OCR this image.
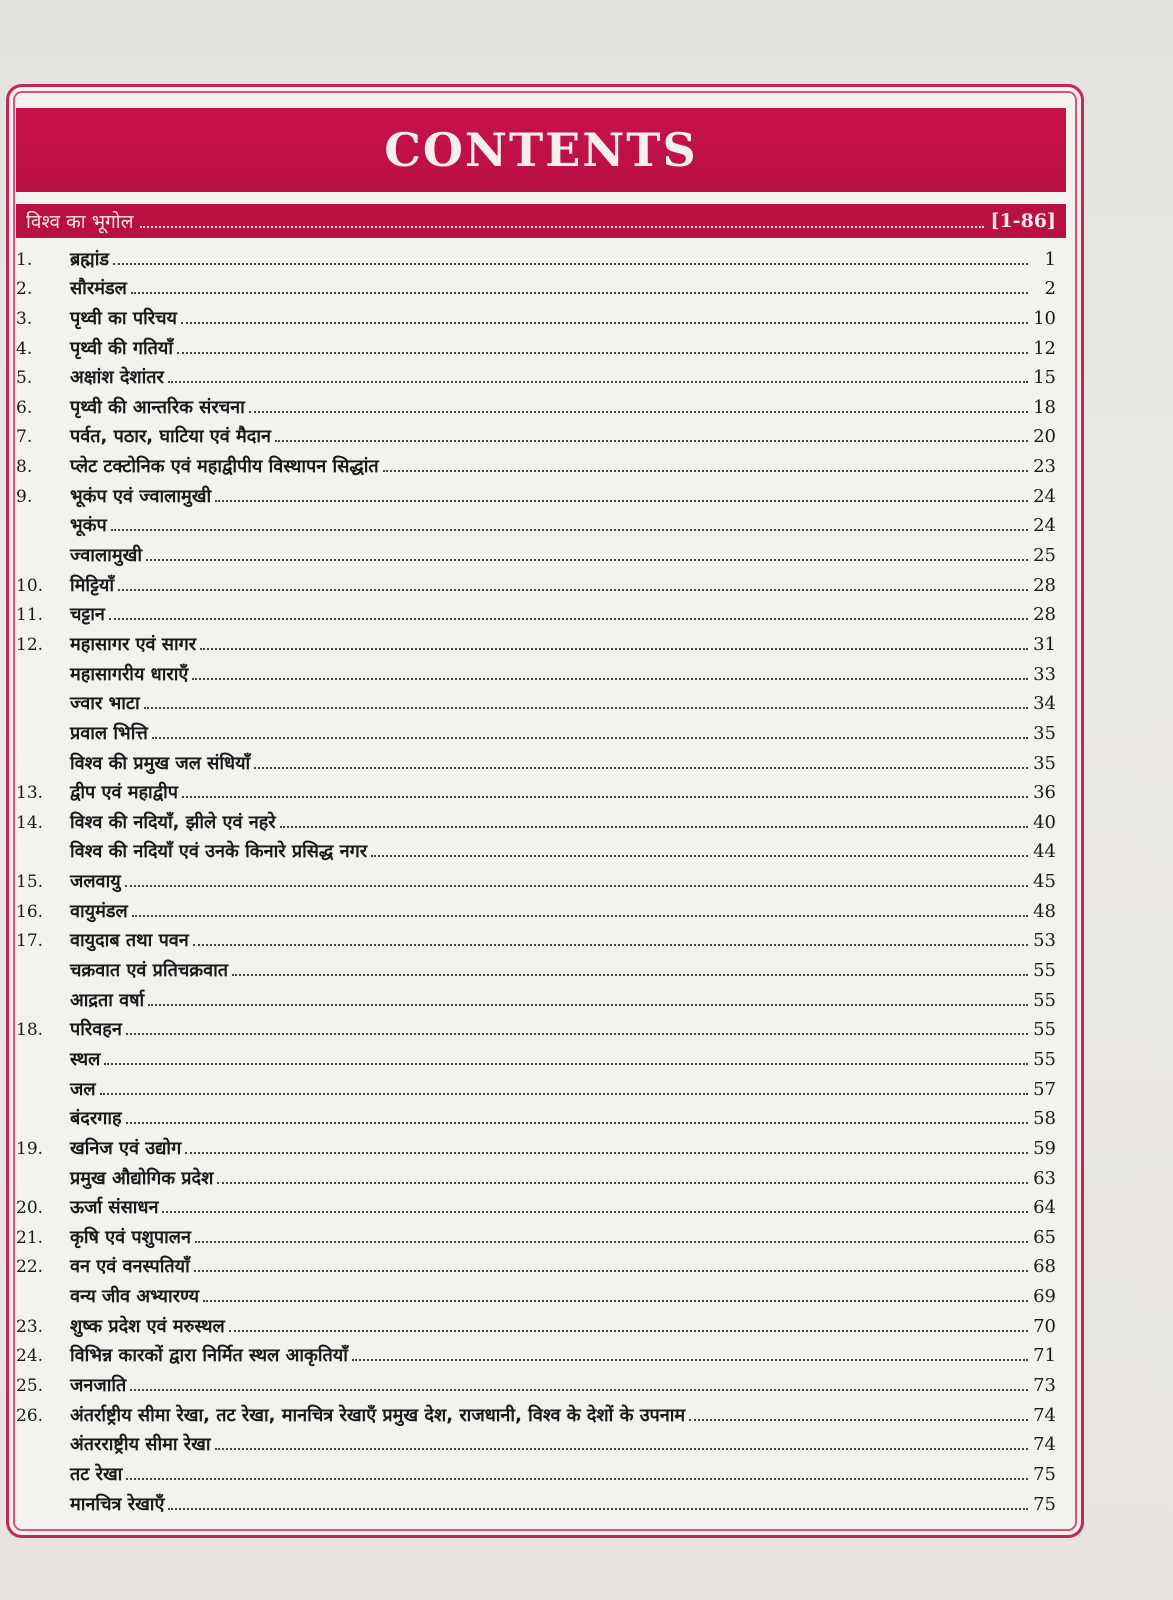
CONTENTS
विश्व का भूगोल	[1-86]
1.	ब्रह्मांड	1
2.	सौरमंडल	2
3.	पृथ्वी का परिचय	10
4.	पृथ्वी की गतियाँ	12
5.	अक्षांश देशांतर	15
6.	पृथ्वी की आन्तरिक संरचना	18
7.	पर्वत, पठार, घाटिया एवं मैदान	20
8.	प्लेट टक्टोनिक एवं महाद्वीपीय विस्थापन सिद्धांत	23
9.	भूकंप एवं ज्वालामुखी	24
भूकंप	24
ज्वालामुखी	25
10.	मिट्टियाँ	28
11.	चट्टान	28
12.	महासागर एवं सागर	31
महासागरीय धाराएँ	33
ज्वार भाटा	34
प्रवाल भित्ति	35
विश्व की प्रमुख जल संधियाँ	35
13.	द्वीप एवं महाद्वीप	36
14.	विश्व की नदियाँ, झीले एवं नहरे	40
विश्व की नदियाँ एवं उनके किनारे प्रसिद्ध नगर	44
15.	जलवायु	45
16.	वायुमंडल	48
17.	वायुदाब तथा पवन	53
चक्रवात एवं प्रतिचक्रवात	55
आद्रता वर्षा	55
18.	परिवहन	55
स्थल	55
जल	57
बंदरगाह	58
19.	खनिज एवं उद्योग	59
प्रमुख औद्योगिक प्रदेश	63
20.	ऊर्जा संसाधन	64
21.	कृषि एवं पशुपालन	65
22.	वन एवं वनस्पतियाँ	68
वन्य जीव अभ्यारण्य	69
23.	शुष्क प्रदेश एवं मरुस्थल	70
24.	विभिन्न कारकों द्वारा निर्मित स्थल आकृतियाँ	71
25.	जनजाति	73
26.	अंतर्राष्ट्रीय सीमा रेखा, तट रेखा, मानचित्र रेखाएँ प्रमुख देश, राजधानी, विश्व के देशों के उपनाम	74
अंतरराष्ट्रीय सीमा रेखा	74
तट रेखा	75
मानचित्र रेखाएँ	75
